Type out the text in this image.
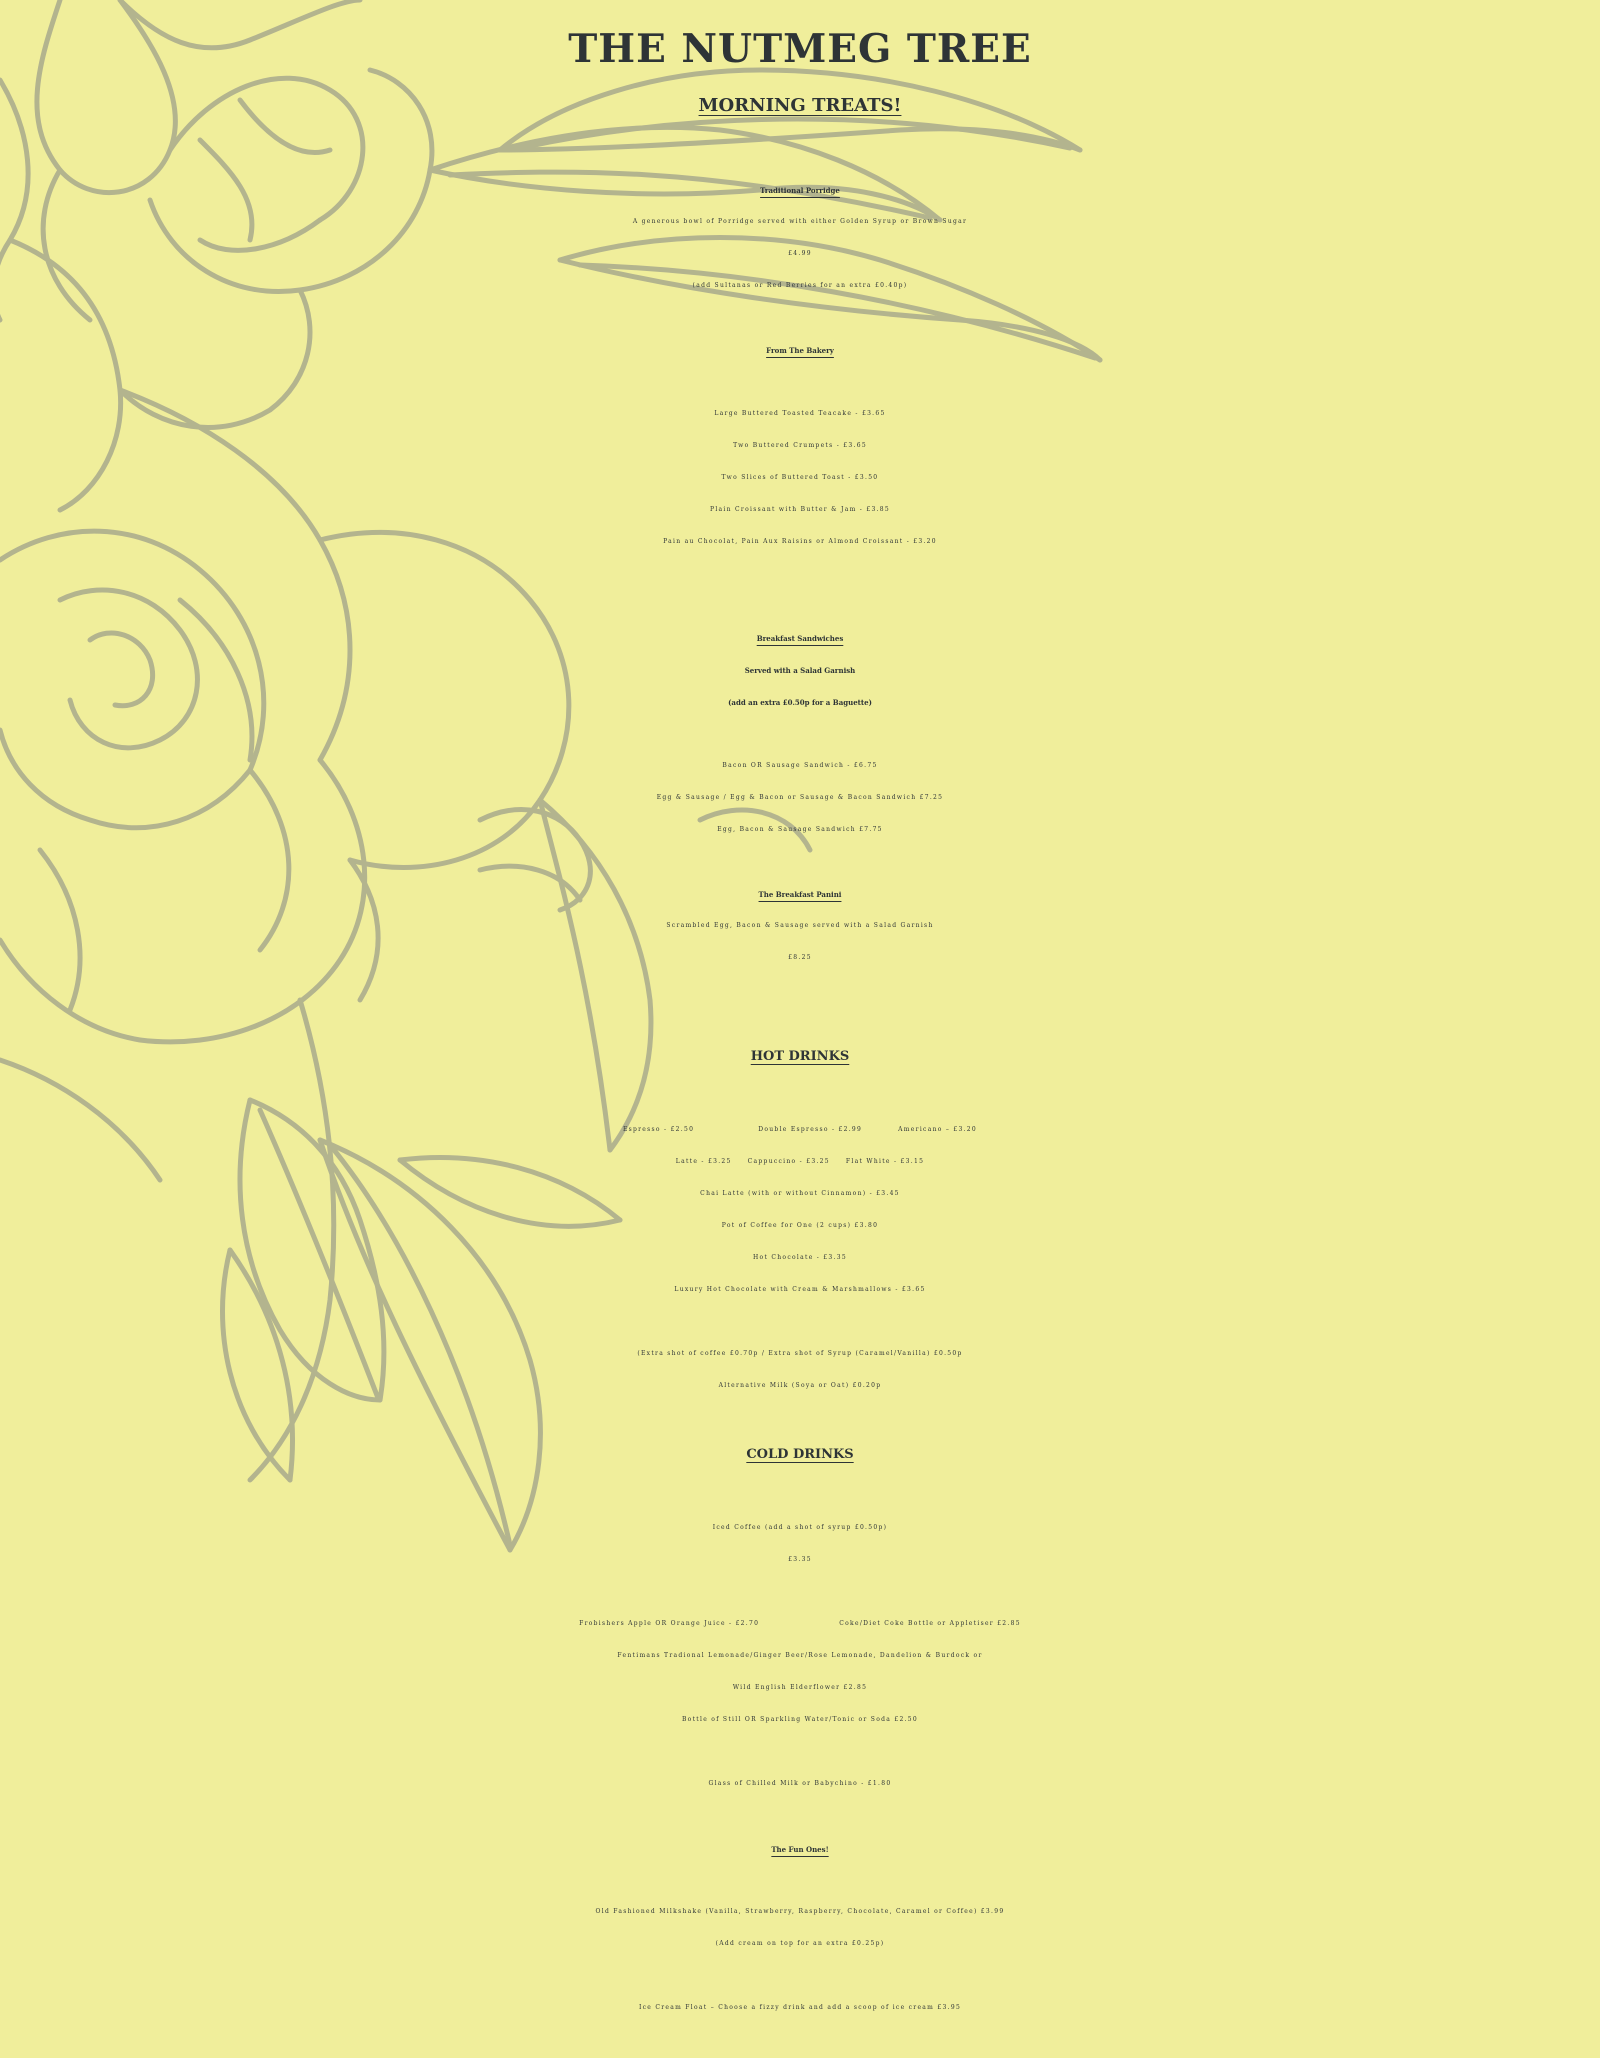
THE NUTMEG TREE
MORNING TREATS!
Traditional Porridge
A generous bowl of Porridge served with either Golden Syrup or Brown Sugar
£4.99
(add Sultanas or Red Berries for an extra £0.40p)
From The Bakery
Large Buttered Toasted Teacake - £3.65
Two Buttered Crumpets - £3.65
Two Slices of Buttered Toast - £3.50
Plain Croissant with Butter & Jam - £3.85
Pain au Chocolat, Pain Aux Raisins or Almond Croissant - £3.20
Breakfast Sandwiches
Served with a Salad Garnish
(add an extra £0.50p for a Baguette)
Bacon OR Sausage Sandwich - £6.75
Egg & Sausage / Egg & Bacon or Sausage & Bacon Sandwich £7.25
Egg, Bacon & Sausage Sandwich £7.75
The Breakfast Panini
Scrambled Egg, Bacon & Sausage served with a Salad Garnish
£8.25
HOT DRINKS
Espresso - £2.50	Double Espresso - £2.99	Americano – £3.20
Latte - £3.25	Cappuccino - £3.25	Flat White - £3.15
Chai Latte (with or without Cinnamon) - £3.45
Pot of Coffee for One (2 cups) £3.80
Hot Chocolate - £3.35
Luxury Hot Chocolate with Cream & Marshmallows - £3.65
(Extra shot of coffee £0.70p / Extra shot of Syrup (Caramel/Vanilla) £0.50p
Alternative Milk (Soya or Oat) £0.20p
COLD DRINKS
Iced Coffee (add a shot of syrup £0.50p)
£3.35
Frobishers Apple OR Orange Juice - £2.70	Coke/Diet Coke Bottle or Appletiser £2.85
Fentimans Tradional Lemonade/Ginger Beer/Rose Lemonade, Dandelion & Burdock or
Wild English Elderflower £2.85
Bottle of Still OR Sparkling Water/Tonic or Soda £2.50
Glass of Chilled Milk or Babychino - £1.80
The Fun Ones!
Old Fashioned Milkshake (Vanilla, Strawberry, Raspberry, Chocolate, Caramel or Coffee) £3.99
(Add cream on top for an extra £0.25p)
Ice Cream Float – Choose a fizzy drink and add a scoop of ice cream £3.95
